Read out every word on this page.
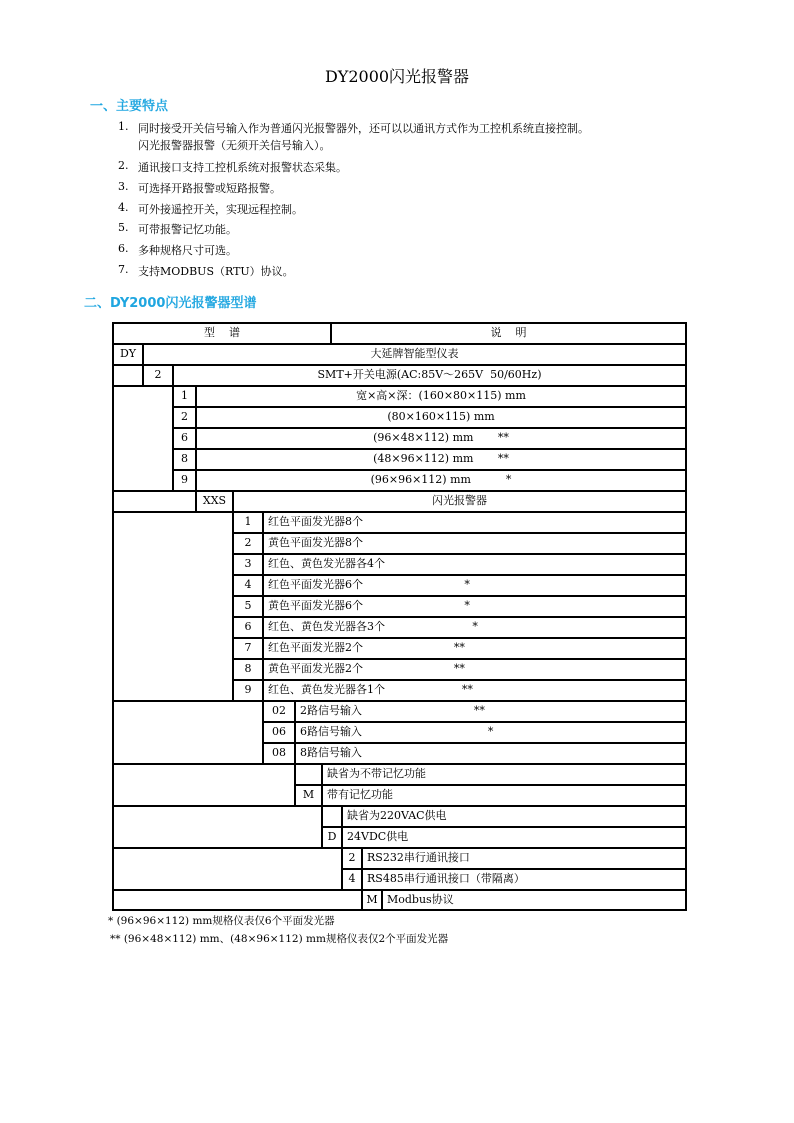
DY2000闪光报警器
一、主要特点
1. 同时接受开关信号输入作为普通闪光报警器外，还可以以通讯方式作为工控机系统直接控制。
闪光报警器报警（无须开关信号输入）。
2. 通讯接口支持工控机系统对报警状态采集。
3. 可选择开路报警或短路报警。
4. 可外接遥控开关，实现远程控制。
5. 可带报警记忆功能。
6. 多种规格尺寸可选。
7. 支持MODBUS（RTU）协议。
二、DY2000闪光报警器型谱
型    谱	说    明
DY	大延牌智能型仪表
2	SMT+开关电源(AC:85V～265V  50/60Hz)
1	宽×高×深：(160×80×115) mm
2	(80×160×115) mm
6	(96×48×112) mm       **
8	(48×96×112) mm       **
9	(96×96×112) mm          *
XXS	闪光报警器
1	红色平面发光器8个
2	黄色平面发光器8个
3	红色、黄色发光器各4个
4	红色平面发光器6个                             *
5	黄色平面发光器6个                             *
6	红色、黄色发光器各3个                         *
7	红色平面发光器2个                          **
8	黄色平面发光器2个                          **
9	红色、黄色发光器各1个                      **
02	2路信号输入                                **
06	6路信号输入                                    *
08	8路信号输入
缺省为不带记忆功能
M	带有记忆功能
缺省为220VAC供电
D 24VDC供电
2	RS232串行通讯接口
4	RS485串行通讯接口（带隔离）
M Modbus协议
* (96×96×112) mm规格仪表仅6个平面发光器
** (96×48×112) mm、(48×96×112) mm规格仪表仅2个平面发光器
